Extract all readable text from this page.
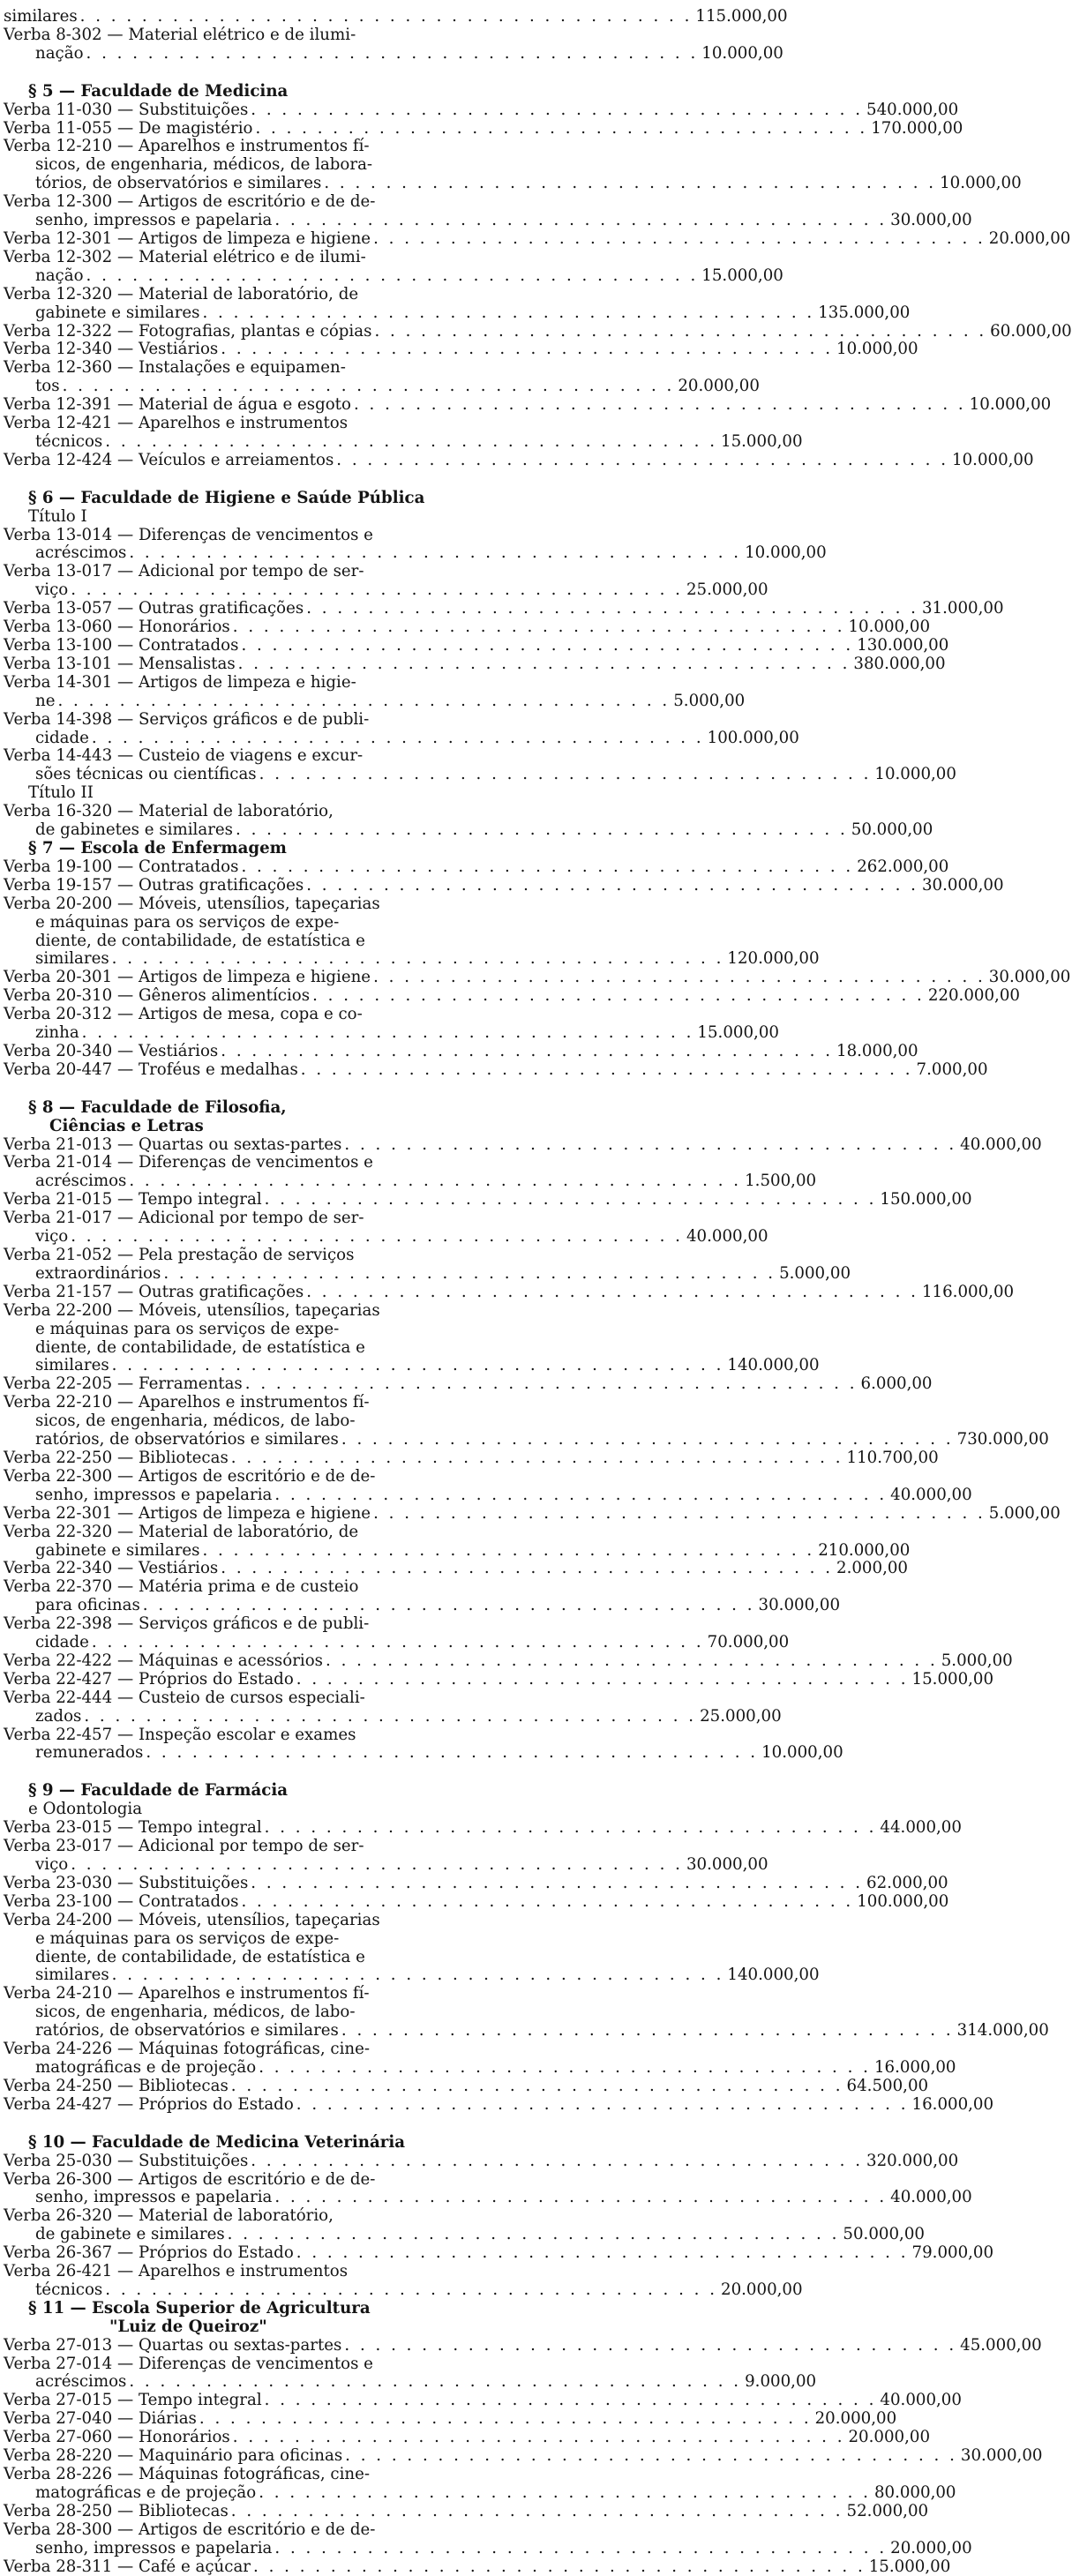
similares . . . . . . . . . . . . . . . . . . . . . . . . . . . . . . . . . . . . . . . . 115.000,00
Verba 8-302 — Material elétrico e de ilumi-
nação . . . . . . . . . . . . . . . . . . . . . . . . . . . . . . . . . . . . . . . . 10.000,00
§ 5 — Faculdade de Medicina
Verba 11-030 — Substituições . . . . . . . . . . . . . . . . . . . . . . . . . . . . . . . . . . . . . . . . 540.000,00
Verba 11-055 — De magistério . . . . . . . . . . . . . . . . . . . . . . . . . . . . . . . . . . . . . . . . 170.000,00
Verba 12-210 — Aparelhos e instrumentos fí-
sicos, de engenharia, médicos, de labora-
tórios, de observatórios e similares . . . . . . . . . . . . . . . . . . . . . . . . . . . . . . . . . . . . . . . . 10.000,00
Verba 12-300 — Artigos de escritório e de de-
senho, impressos e papelaria . . . . . . . . . . . . . . . . . . . . . . . . . . . . . . . . . . . . . . . . 30.000,00
Verba 12-301 — Artigos de limpeza e higiene . . . . . . . . . . . . . . . . . . . . . . . . . . . . . . . . . . . . . . . . 20.000,00
Verba 12-302 — Material elétrico e de ilumi-
nação . . . . . . . . . . . . . . . . . . . . . . . . . . . . . . . . . . . . . . . . 15.000,00
Verba 12-320 — Material de laboratório, de
gabinete e similares . . . . . . . . . . . . . . . . . . . . . . . . . . . . . . . . . . . . . . . . 135.000,00
Verba 12-322 — Fotografias, plantas e cópias . . . . . . . . . . . . . . . . . . . . . . . . . . . . . . . . . . . . . . . . 60.000,00
Verba 12-340 — Vestiários . . . . . . . . . . . . . . . . . . . . . . . . . . . . . . . . . . . . . . . . 10.000,00
Verba 12-360 — Instalações e equipamen-
tos . . . . . . . . . . . . . . . . . . . . . . . . . . . . . . . . . . . . . . . . 20.000,00
Verba 12-391 — Material de água e esgoto . . . . . . . . . . . . . . . . . . . . . . . . . . . . . . . . . . . . . . . . 10.000,00
Verba 12-421 — Aparelhos e instrumentos
técnicos . . . . . . . . . . . . . . . . . . . . . . . . . . . . . . . . . . . . . . . . 15.000,00
Verba 12-424 — Veículos e arreiamentos . . . . . . . . . . . . . . . . . . . . . . . . . . . . . . . . . . . . . . . . 10.000,00
§ 6 — Faculdade de Higiene e Saúde Pública
Título I
Verba 13-014 — Diferenças de vencimentos e
acréscimos . . . . . . . . . . . . . . . . . . . . . . . . . . . . . . . . . . . . . . . . 10.000,00
Verba 13-017 — Adicional por tempo de ser-
viço . . . . . . . . . . . . . . . . . . . . . . . . . . . . . . . . . . . . . . . . 25.000,00
Verba 13-057 — Outras gratificações . . . . . . . . . . . . . . . . . . . . . . . . . . . . . . . . . . . . . . . . 31.000,00
Verba 13-060 — Honorários . . . . . . . . . . . . . . . . . . . . . . . . . . . . . . . . . . . . . . . . 10.000,00
Verba 13-100 — Contratados . . . . . . . . . . . . . . . . . . . . . . . . . . . . . . . . . . . . . . . . 130.000,00
Verba 13-101 — Mensalistas . . . . . . . . . . . . . . . . . . . . . . . . . . . . . . . . . . . . . . . . 380.000,00
Verba 14-301 — Artigos de limpeza e higie-
ne . . . . . . . . . . . . . . . . . . . . . . . . . . . . . . . . . . . . . . . . 5.000,00
Verba 14-398 — Serviços gráficos e de publi-
cidade . . . . . . . . . . . . . . . . . . . . . . . . . . . . . . . . . . . . . . . . 100.000,00
Verba 14-443 — Custeio de viagens e excur-
sões técnicas ou científicas . . . . . . . . . . . . . . . . . . . . . . . . . . . . . . . . . . . . . . . . 10.000,00
Título II
Verba 16-320 — Material de laboratório,
de gabinetes e similares . . . . . . . . . . . . . . . . . . . . . . . . . . . . . . . . . . . . . . . . 50.000,00
§ 7 — Escola de Enfermagem
Verba 19-100 — Contratados . . . . . . . . . . . . . . . . . . . . . . . . . . . . . . . . . . . . . . . . 262.000,00
Verba 19-157 — Outras gratificações . . . . . . . . . . . . . . . . . . . . . . . . . . . . . . . . . . . . . . . . 30.000,00
Verba 20-200 — Móveis, utensílios, tapeçarias
e máquinas para os serviços de expe-
diente, de contabilidade, de estatística e
similares . . . . . . . . . . . . . . . . . . . . . . . . . . . . . . . . . . . . . . . . 120.000,00
Verba 20-301 — Artigos de limpeza e higiene . . . . . . . . . . . . . . . . . . . . . . . . . . . . . . . . . . . . . . . . 30.000,00
Verba 20-310 — Gêneros alimentícios . . . . . . . . . . . . . . . . . . . . . . . . . . . . . . . . . . . . . . . . 220.000,00
Verba 20-312 — Artigos de mesa, copa e co-
zinha . . . . . . . . . . . . . . . . . . . . . . . . . . . . . . . . . . . . . . . . 15.000,00
Verba 20-340 — Vestiários . . . . . . . . . . . . . . . . . . . . . . . . . . . . . . . . . . . . . . . . 18.000,00
Verba 20-447 — Troféus e medalhas . . . . . . . . . . . . . . . . . . . . . . . . . . . . . . . . . . . . . . . . 7.000,00
§ 8 — Faculdade de Filosofia,
Ciências e Letras
Verba 21-013 — Quartas ou sextas-partes . . . . . . . . . . . . . . . . . . . . . . . . . . . . . . . . . . . . . . . . 40.000,00
Verba 21-014 — Diferenças de vencimentos e
acréscimos . . . . . . . . . . . . . . . . . . . . . . . . . . . . . . . . . . . . . . . . 1.500,00
Verba 21-015 — Tempo integral . . . . . . . . . . . . . . . . . . . . . . . . . . . . . . . . . . . . . . . . 150.000,00
Verba 21-017 — Adicional por tempo de ser-
viço . . . . . . . . . . . . . . . . . . . . . . . . . . . . . . . . . . . . . . . . 40.000,00
Verba 21-052 — Pela prestação de serviços
extraordinários . . . . . . . . . . . . . . . . . . . . . . . . . . . . . . . . . . . . . . . . 5.000,00
Verba 21-157 — Outras gratificações . . . . . . . . . . . . . . . . . . . . . . . . . . . . . . . . . . . . . . . . 116.000,00
Verba 22-200 — Móveis, utensílios, tapeçarias
e máquinas para os serviços de expe-
diente, de contabilidade, de estatística e
similares . . . . . . . . . . . . . . . . . . . . . . . . . . . . . . . . . . . . . . . . 140.000,00
Verba 22-205 — Ferramentas . . . . . . . . . . . . . . . . . . . . . . . . . . . . . . . . . . . . . . . . 6.000,00
Verba 22-210 — Aparelhos e instrumentos fí-
sicos, de engenharia, médicos, de labo-
ratórios, de observatórios e similares . . . . . . . . . . . . . . . . . . . . . . . . . . . . . . . . . . . . . . . . 730.000,00
Verba 22-250 — Bibliotecas . . . . . . . . . . . . . . . . . . . . . . . . . . . . . . . . . . . . . . . . 110.700,00
Verba 22-300 — Artigos de escritório e de de-
senho, impressos e papelaria . . . . . . . . . . . . . . . . . . . . . . . . . . . . . . . . . . . . . . . . 40.000,00
Verba 22-301 — Artigos de limpeza e higiene . . . . . . . . . . . . . . . . . . . . . . . . . . . . . . . . . . . . . . . . 5.000,00
Verba 22-320 — Material de laboratório, de
gabinete e similares . . . . . . . . . . . . . . . . . . . . . . . . . . . . . . . . . . . . . . . . 210.000,00
Verba 22-340 — Vestiários . . . . . . . . . . . . . . . . . . . . . . . . . . . . . . . . . . . . . . . . 2.000,00
Verba 22-370 — Matéria prima e de custeio
para oficinas . . . . . . . . . . . . . . . . . . . . . . . . . . . . . . . . . . . . . . . . 30.000,00
Verba 22-398 — Serviços gráficos e de publi-
cidade . . . . . . . . . . . . . . . . . . . . . . . . . . . . . . . . . . . . . . . . 70.000,00
Verba 22-422 — Máquinas e acessórios . . . . . . . . . . . . . . . . . . . . . . . . . . . . . . . . . . . . . . . . 5.000,00
Verba 22-427 — Próprios do Estado . . . . . . . . . . . . . . . . . . . . . . . . . . . . . . . . . . . . . . . . 15.000,00
Verba 22-444 — Custeio de cursos especiali-
zados . . . . . . . . . . . . . . . . . . . . . . . . . . . . . . . . . . . . . . . . 25.000,00
Verba 22-457 — Inspeção escolar e exames
remunerados . . . . . . . . . . . . . . . . . . . . . . . . . . . . . . . . . . . . . . . . 10.000,00
§ 9 — Faculdade de Farmácia
e Odontologia
Verba 23-015 — Tempo integral . . . . . . . . . . . . . . . . . . . . . . . . . . . . . . . . . . . . . . . . 44.000,00
Verba 23-017 — Adicional por tempo de ser-
viço . . . . . . . . . . . . . . . . . . . . . . . . . . . . . . . . . . . . . . . . 30.000,00
Verba 23-030 — Substituições . . . . . . . . . . . . . . . . . . . . . . . . . . . . . . . . . . . . . . . . 62.000,00
Verba 23-100 — Contratados . . . . . . . . . . . . . . . . . . . . . . . . . . . . . . . . . . . . . . . . 100.000,00
Verba 24-200 — Móveis, utensílios, tapeçarias
e máquinas para os serviços de expe-
diente, de contabilidade, de estatística e
similares . . . . . . . . . . . . . . . . . . . . . . . . . . . . . . . . . . . . . . . . 140.000,00
Verba 24-210 — Aparelhos e instrumentos fí-
sicos, de engenharia, médicos, de labo-
ratórios, de observatórios e similares . . . . . . . . . . . . . . . . . . . . . . . . . . . . . . . . . . . . . . . . 314.000,00
Verba 24-226 — Máquinas fotográficas, cine-
matográficas e de projeção . . . . . . . . . . . . . . . . . . . . . . . . . . . . . . . . . . . . . . . . 16.000,00
Verba 24-250 — Bibliotecas . . . . . . . . . . . . . . . . . . . . . . . . . . . . . . . . . . . . . . . . 64.500,00
Verba 24-427 — Próprios do Estado . . . . . . . . . . . . . . . . . . . . . . . . . . . . . . . . . . . . . . . . 16.000,00
§ 10 — Faculdade de Medicina Veterinária
Verba 25-030 — Substituições . . . . . . . . . . . . . . . . . . . . . . . . . . . . . . . . . . . . . . . . 320.000,00
Verba 26-300 — Artigos de escritório e de de-
senho, impressos e papelaria . . . . . . . . . . . . . . . . . . . . . . . . . . . . . . . . . . . . . . . . 40.000,00
Verba 26-320 — Material de laboratório,
de gabinete e similares . . . . . . . . . . . . . . . . . . . . . . . . . . . . . . . . . . . . . . . . 50.000,00
Verba 26-367 — Próprios do Estado . . . . . . . . . . . . . . . . . . . . . . . . . . . . . . . . . . . . . . . . 79.000,00
Verba 26-421 — Aparelhos e instrumentos
técnicos . . . . . . . . . . . . . . . . . . . . . . . . . . . . . . . . . . . . . . . . 20.000,00
§ 11 — Escola Superior de Agricultura
"Luiz de Queiroz"
Verba 27-013 — Quartas ou sextas-partes . . . . . . . . . . . . . . . . . . . . . . . . . . . . . . . . . . . . . . . . 45.000,00
Verba 27-014 — Diferenças de vencimentos e
acréscimos . . . . . . . . . . . . . . . . . . . . . . . . . . . . . . . . . . . . . . . . 9.000,00
Verba 27-015 — Tempo integral . . . . . . . . . . . . . . . . . . . . . . . . . . . . . . . . . . . . . . . . 40.000,00
Verba 27-040 — Diárias . . . . . . . . . . . . . . . . . . . . . . . . . . . . . . . . . . . . . . . . 20.000,00
Verba 27-060 — Honorários . . . . . . . . . . . . . . . . . . . . . . . . . . . . . . . . . . . . . . . . 20.000,00
Verba 28-220 — Maquinário para oficinas . . . . . . . . . . . . . . . . . . . . . . . . . . . . . . . . . . . . . . . . 30.000,00
Verba 28-226 — Máquinas fotográficas, cine-
matográficas e de projeção . . . . . . . . . . . . . . . . . . . . . . . . . . . . . . . . . . . . . . . . 80.000,00
Verba 28-250 — Bibliotecas . . . . . . . . . . . . . . . . . . . . . . . . . . . . . . . . . . . . . . . . 52.000,00
Verba 28-300 — Artigos de escritório e de de-
senho, impressos e papelaria . . . . . . . . . . . . . . . . . . . . . . . . . . . . . . . . . . . . . . . . 20.000,00
Verba 28-311 — Café e açúcar . . . . . . . . . . . . . . . . . . . . . . . . . . . . . . . . . . . . . . . . 15.000,00
